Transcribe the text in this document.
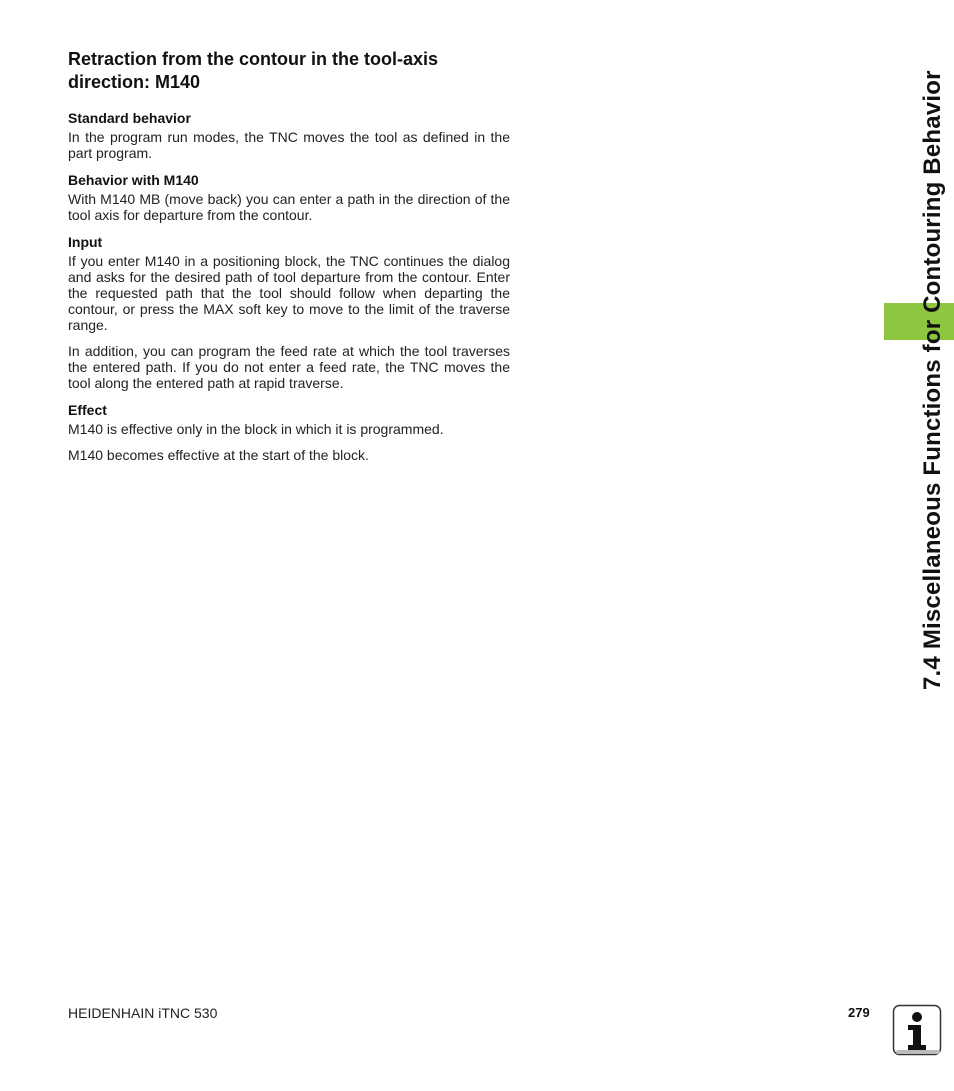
Retraction from the contour in the tool-axis direction: M140
Standard behavior

In the program run modes, the TNC moves the tool as defined in the part program.

Behavior with M140

With M140 MB (move back) you can enter a path in the direction of the tool axis for departure from the contour.

Input

If you enter M140 in a positioning block, the TNC continues the dialog and asks for the desired path of tool departure from the contour. Enter the requested path that the tool should follow when departing the contour, or press the MAX soft key to move to the limit of the traverse range.

In addition, you can program the feed rate at which the tool traverses the entered path. If you do not enter a feed rate, the TNC moves the tool along the entered path at rapid traverse.

Effect

M140 is effective only in the block in which it is programmed.

M140 becomes effective at the start of the block.	7.4 Miscellaneous Functions for Contouring Behavior
HEIDENHAIN iTNC 530	279
